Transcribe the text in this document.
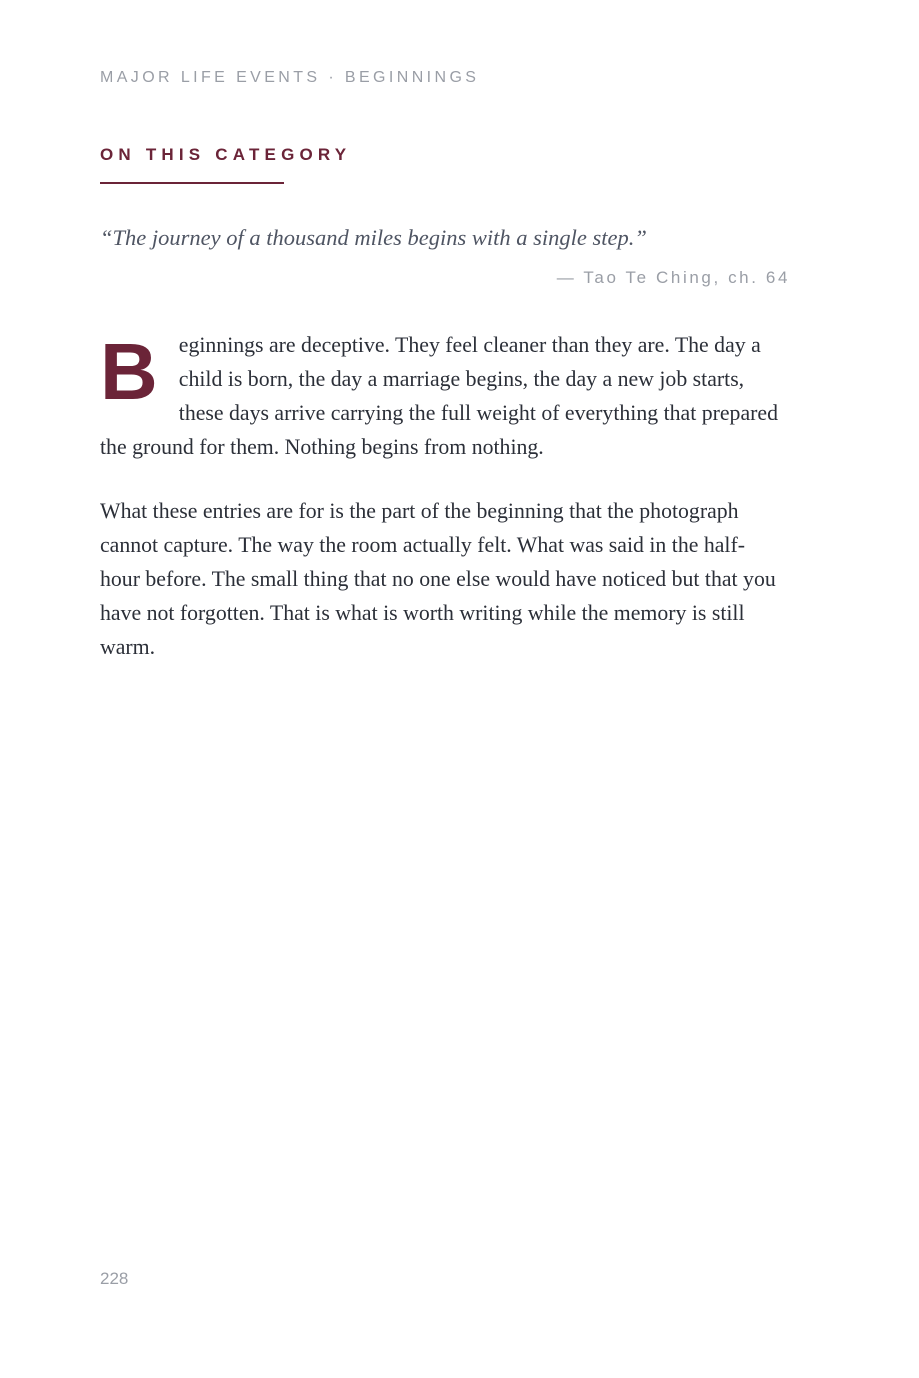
MAJOR LIFE EVENTS · BEGINNINGS
ON THIS CATEGORY
“The journey of a thousand miles begins with a single step.”
— Tao Te Ching, ch. 64

Beginnings are deceptive. They feel cleaner than they are. The day a child is born, the day a marriage begins, the day a new job starts, these days arrive carrying the full weight of everything that prepared the ground for them. Nothing begins from nothing.

What these entries are for is the part of the beginning that the photograph cannot capture. The way the room actually felt. What was said in the half-hour before. The small thing that no one else would have noticed but that you have not forgotten. That is what is worth writing while the memory is still warm.

228
